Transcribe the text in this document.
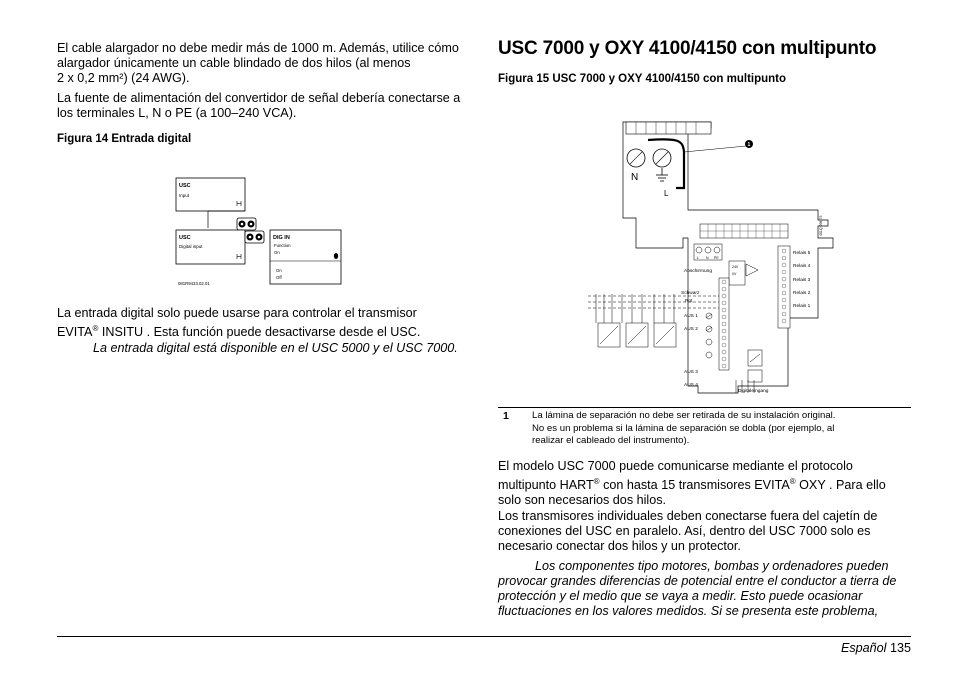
El cable alargador no debe medir más de 1000 m. Además, utilice cómo
alargador únicamente un cable blindado de dos hilos (al menos
2 x 0,2 mm²) (24 AWG).
La fuente de alimentación del convertidor de señal debería conectarse a
los terminales L, N o PE (a 100–240 VCA).
Figura 14 Entrada digital
USC
Input
USC
Digital input
DIG IN
Function
On
On
Off
081R9433.02.01
La entrada digital solo puede usarse para controlar el transmisor
EVITA® INSITU . Esta función puede desactivarse desde el USC.
La entrada digital está disponible en el USC 5000 y el USC 7000.
USC 7000 y OXY 4100/4150 con multipunto
Figura 15 USC 7000 y OXY 4100/4150 con multipunto
N
L
1
461Q 098-75
L N PE
24V
0V
Abschirmung
Relais 5
Relais 4
Relais 3
Relais 2
Relais 1
Schwarz
Rot
AUS 1
AUS 2
AUS 3
AUS 4
Digitaleingang
1 La lámina de separación no debe ser retirada de su instalación original.
No es un problema si la lámina de separación se dobla (por ejemplo, al
realizar el cableado del instrumento).
El modelo USC 7000 puede comunicarse mediante el protocolo
multipunto HART® con hasta 15 transmisores EVITA® OXY . Para ello
solo son necesarios dos hilos.
Los transmisores individuales deben conectarse fuera del cajetín de
conexiones del USC en paralelo. Así, dentro del USC 7000 solo es
necesario conectar dos hilos y un protector.
Los componentes tipo motores, bombas y ordenadores pueden
provocar grandes diferencias de potencial entre el conductor a tierra de
protección y el medio que se vaya a medir. Esto puede ocasionar
fluctuaciones en los valores medidos. Si se presenta este problema,
Español 135
